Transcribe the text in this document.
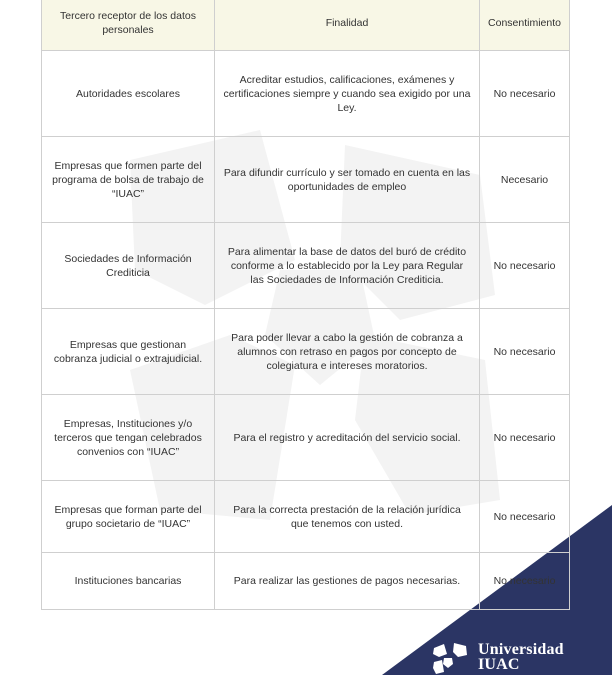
Tercero receptor de los datos personales	Finalidad	Consentimiento
Autoridades escolares	Acreditar estudios, calificaciones, exámenes y certificaciones siempre y cuando sea exigido por una Ley.	No necesario
Empresas que formen parte del programa de bolsa de trabajo de “IUAC”	Para difundir currículo y ser tomado en cuenta en las oportunidades de empleo	Necesario
Sociedades de Información Crediticia	Para alimentar la base de datos del buró de crédito conforme a lo establecido por la Ley para Regular las Sociedades de Información Crediticia.	No necesario
Empresas que gestionan cobranza judicial o extrajudicial.	Para poder llevar a cabo la gestión de cobranza a alumnos con retraso en pagos por concepto de colegiatura e intereses moratorios.	No necesario
Empresas, Instituciones y/o terceros que tengan celebrados convenios con “IUAC”	Para el registro y acreditación del servicio social.	No necesario
Empresas que forman parte del grupo societario de “IUAC”	Para la correcta prestación de la relación jurídica que tenemos con usted.	No necesario
Instituciones bancarias	Para realizar las gestiones de pagos necesarias.	No necesario
Universidad
IUAC
